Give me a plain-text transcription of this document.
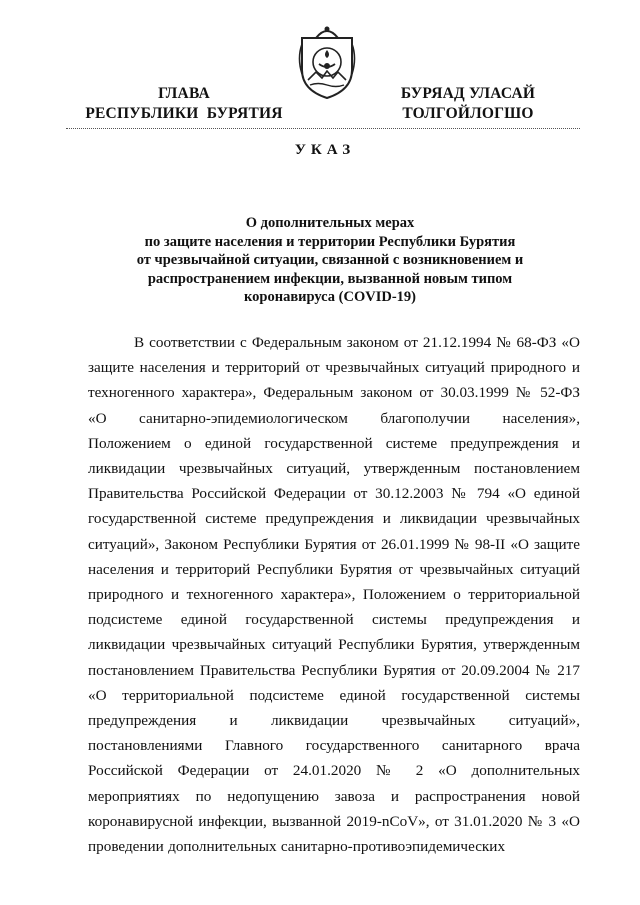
ГЛАВА
РЕСПУБЛИКИ  БУРЯТИЯ
БУРЯАД УЛАСАЙ
ТОЛГОЙЛОГШО
УКАЗ
О дополнительных мерах
по защите населения и территории Республики Бурятия
от чрезвычайной ситуации, связанной с возникновением и
распространением инфекции, вызванной новым типом
коронавируса (COVID-19)
В соответствии с Федеральным законом от 21.12.1994 № 68-ФЗ «О защите населения и территорий от чрезвычайных ситуаций природного и техногенного характера», Федеральным законом от 30.03.1999 № 52-ФЗ «О санитарно-эпидемиологическом благополучии населения», Положением о единой государственной системе предупреждения и ликвидации чрезвычайных ситуаций, утвержденным постановлением Правительства Российской Федерации от 30.12.2003 № 794 «О единой государственной системе предупреждения и ликвидации чрезвычайных ситуаций», Законом Республики Бурятия от 26.01.1999 № 98-II «О защите населения и территорий Республики Бурятия от чрезвычайных ситуаций природного и техногенного характера», Положением о территориальной подсистеме единой государственной системы предупреждения и ликвидации чрезвычайных ситуаций Республики Бурятия, утвержденным постановлением Правительства Республики Бурятия от 20.09.2004 № 217 «О территориальной подсистеме единой государственной системы предупреждения и ликвидации чрезвычайных ситуаций», постановлениями Главного государственного санитарного врача Российской Федерации от 24.01.2020 № 2 «О дополнительных мероприятиях по недопущению завоза и распространения новой коронавирусной инфекции, вызванной 2019-nCoV», от 31.01.2020 № 3 «О проведении дополнительных санитарно-противоэпидемических
